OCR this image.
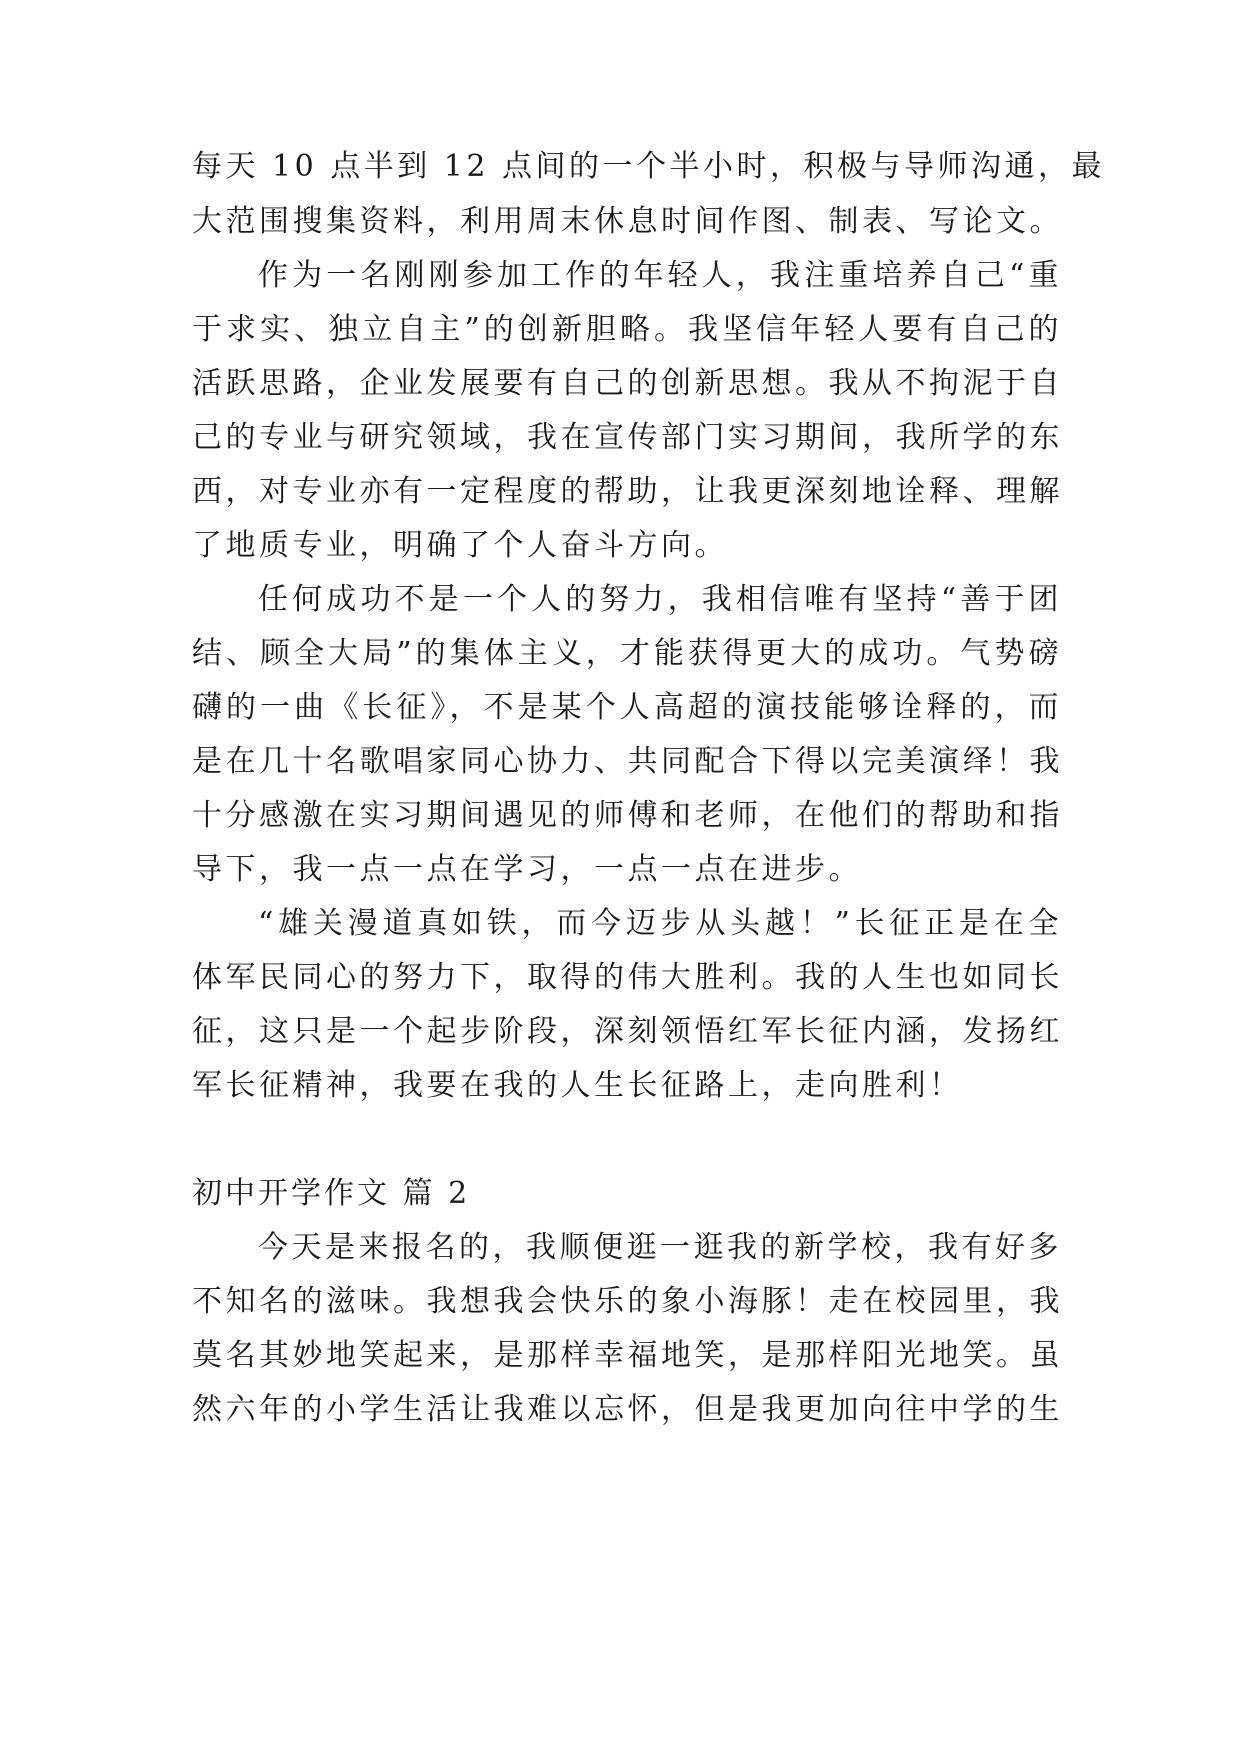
每天 10 点半到 12 点间的一个半小时，积极与导师沟通，最
大范围搜集资料，利用周末休息时间作图、制表、写论文。
作为一名刚刚参加工作的年轻人，我注重培养自己“重
于求实、独立自主”的创新胆略。我坚信年轻人要有自己的
活跃思路，企业发展要有自己的创新思想。我从不拘泥于自
己的专业与研究领域，我在宣传部门实习期间，我所学的东
西，对专业亦有一定程度的帮助，让我更深刻地诠释、理解
了地质专业，明确了个人奋斗方向。
任何成功不是一个人的努力，我相信唯有坚持“善于团
结、顾全大局”的集体主义，才能获得更大的成功。气势磅
礴的一曲《长征》，不是某个人高超的演技能够诠释的，而
是在几十名歌唱家同心协力、共同配合下得以完美演绎！我
十分感激在实习期间遇见的师傅和老师，在他们的帮助和指
导下，我一点一点在学习，一点一点在进步。
“雄关漫道真如铁，而今迈步从头越！”长征正是在全
体军民同心的努力下，取得的伟大胜利。我的人生也如同长
征，这只是一个起步阶段，深刻领悟红军长征内涵，发扬红
军长征精神，我要在我的人生长征路上，走向胜利！
初中开学作文 篇 2
今天是来报名的，我顺便逛一逛我的新学校，我有好多
不知名的滋味。我想我会快乐的象小海豚！走在校园里，我
莫名其妙地笑起来，是那样幸福地笑，是那样阳光地笑。虽
然六年的小学生活让我难以忘怀，但是我更加向往中学的生
